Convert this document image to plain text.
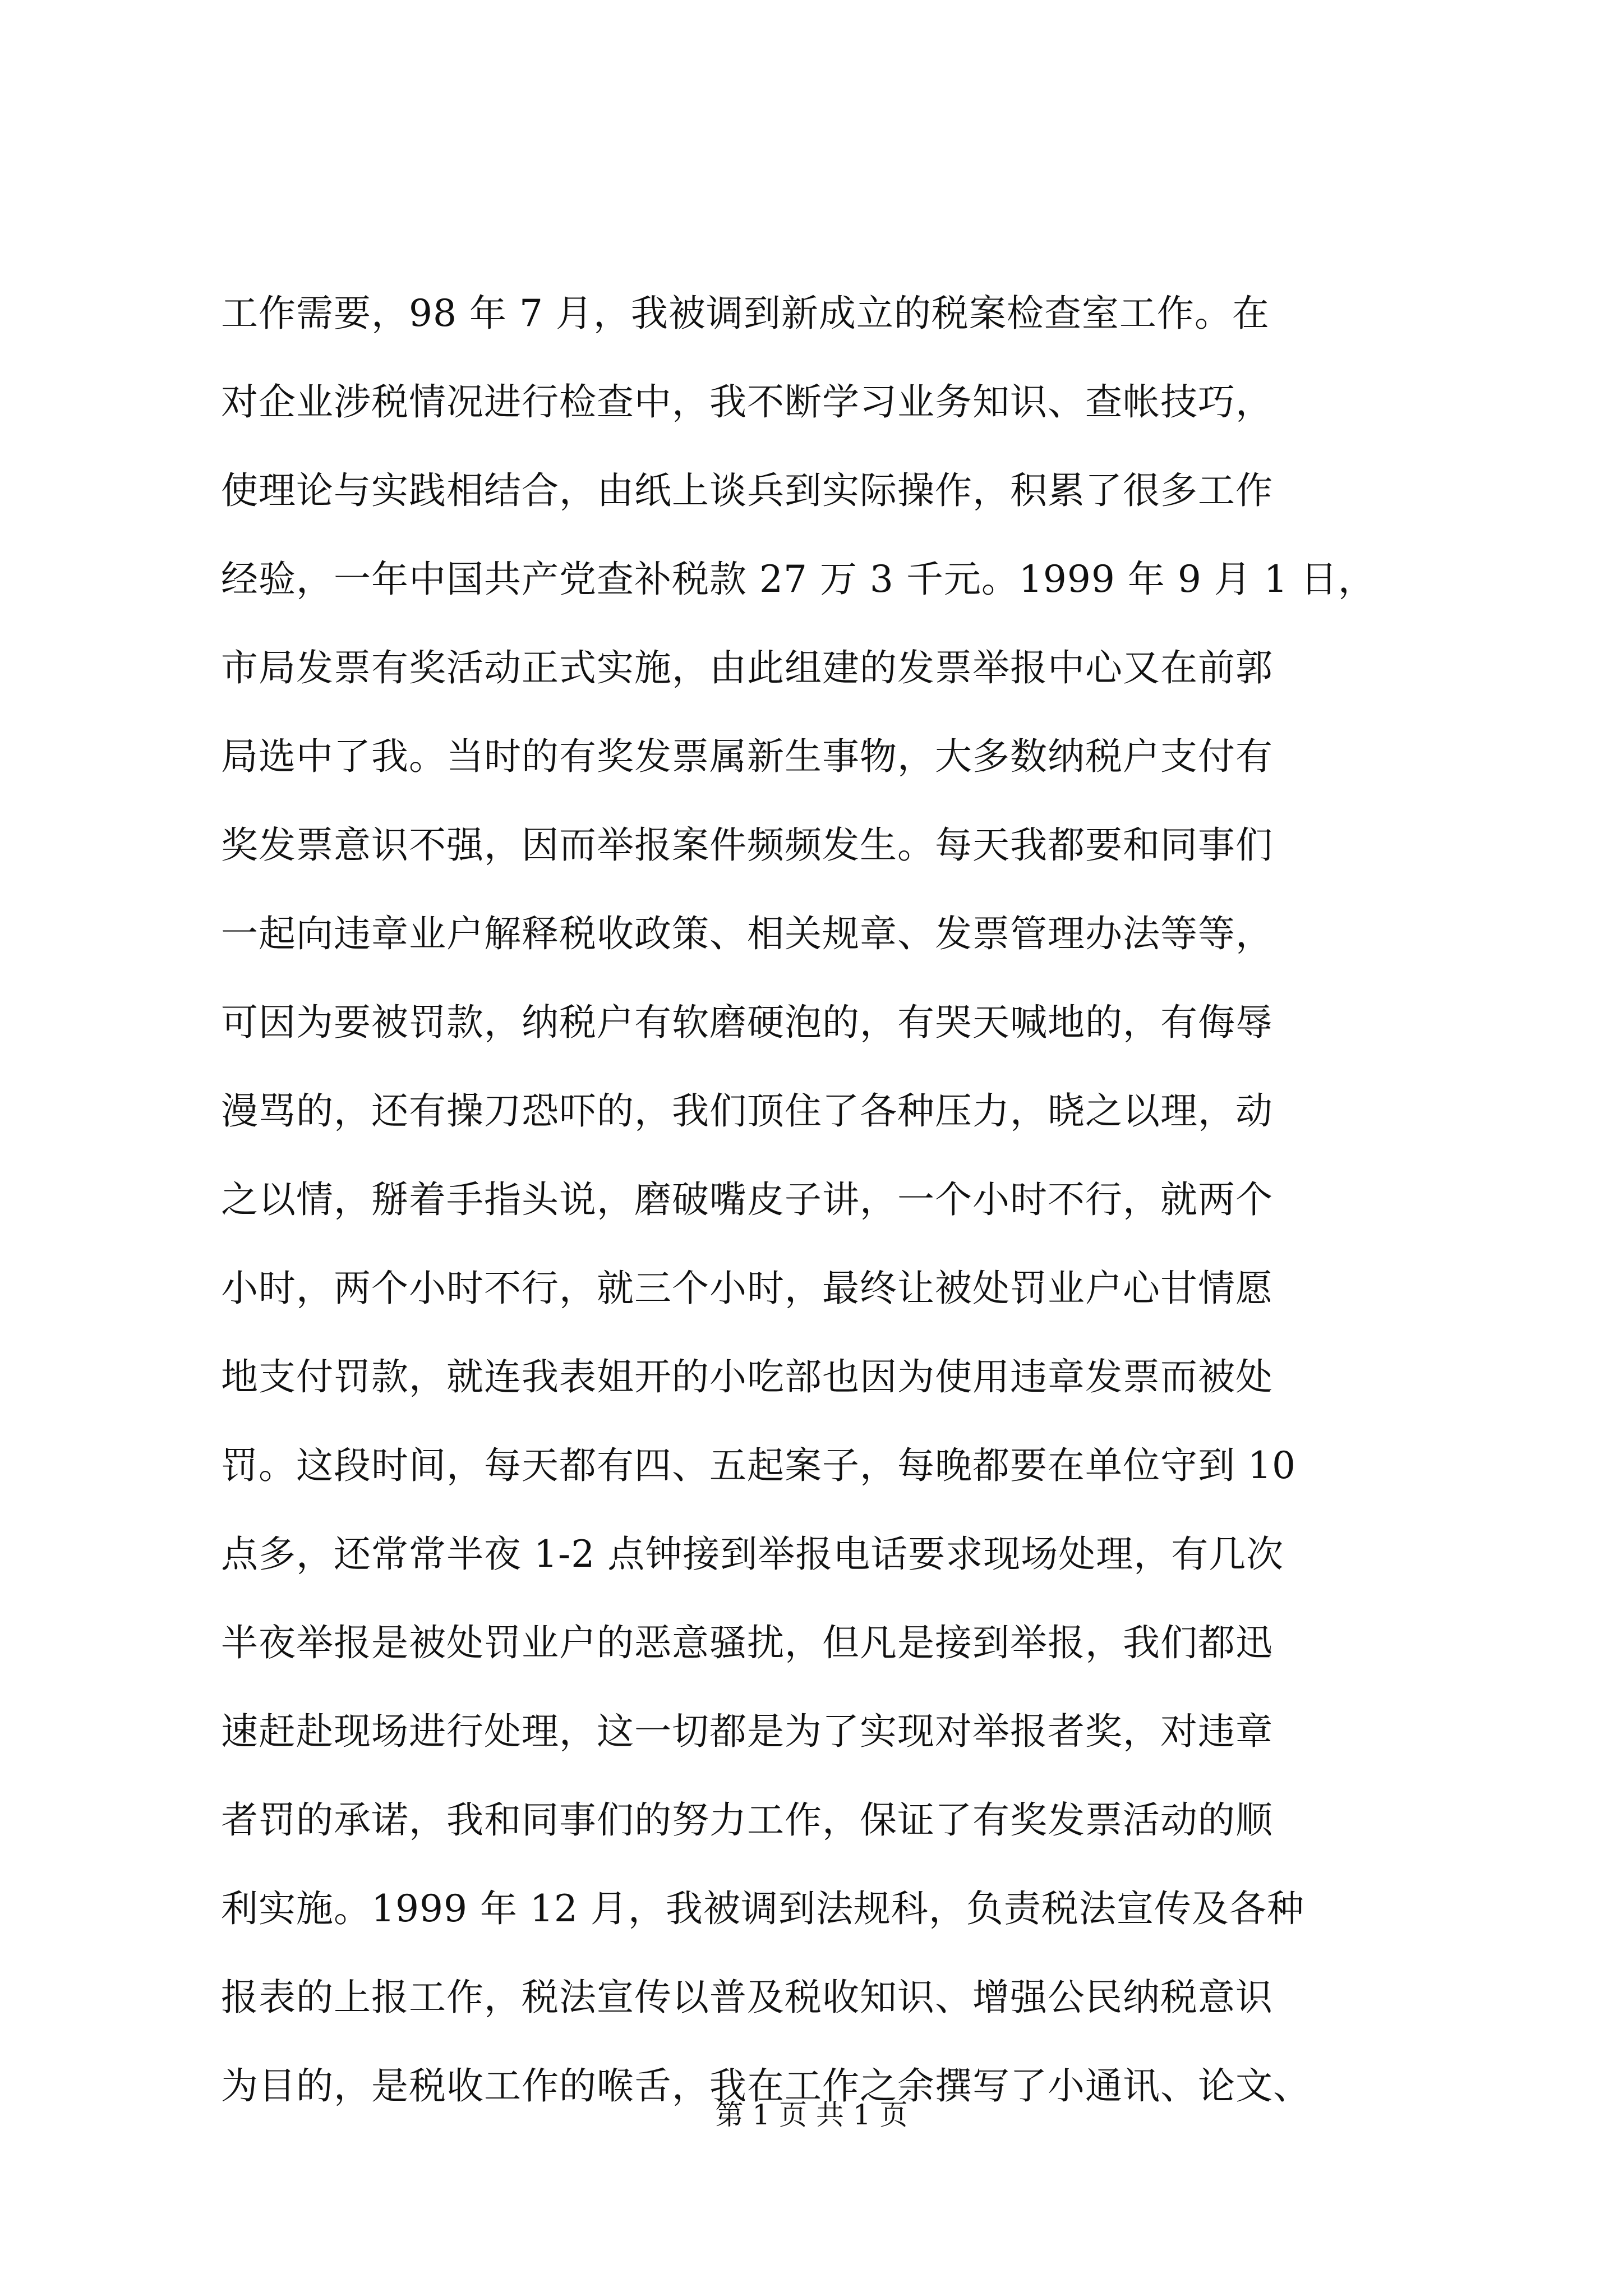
工作需要，98 年 7 月，我被调到新成立的税案检查室工作。在
对企业涉税情况进行检查中，我不断学习业务知识、查帐技巧，
使理论与实践相结合，由纸上谈兵到实际操作，积累了很多工作
经验，一年中国共产党查补税款 27 万 3 千元。1999 年 9 月 1 日，
市局发票有奖活动正式实施，由此组建的发票举报中心又在前郭
局选中了我。当时的有奖发票属新生事物，大多数纳税户支付有
奖发票意识不强，因而举报案件频频发生。每天我都要和同事们
一起向违章业户解释税收政策、相关规章、发票管理办法等等，
可因为要被罚款，纳税户有软磨硬泡的，有哭天喊地的，有侮辱
漫骂的，还有操刀恐吓的，我们顶住了各种压力，晓之以理，动
之以情，掰着手指头说，磨破嘴皮子讲，一个小时不行，就两个
小时，两个小时不行，就三个小时，最终让被处罚业户心甘情愿
地支付罚款，就连我表姐开的小吃部也因为使用违章发票而被处
罚。这段时间，每天都有四、五起案子，每晚都要在单位守到 10
点多，还常常半夜 1-2 点钟接到举报电话要求现场处理，有几次
半夜举报是被处罚业户的恶意骚扰，但凡是接到举报，我们都迅
速赶赴现场进行处理，这一切都是为了实现对举报者奖，对违章
者罚的承诺，我和同事们的努力工作，保证了有奖发票活动的顺
利实施。1999 年 12 月，我被调到法规科，负责税法宣传及各种
报表的上报工作，税法宣传以普及税收知识、增强公民纳税意识
为目的，是税收工作的喉舌，我在工作之余撰写了小通讯、论文、
第 1 页 共 1 页
